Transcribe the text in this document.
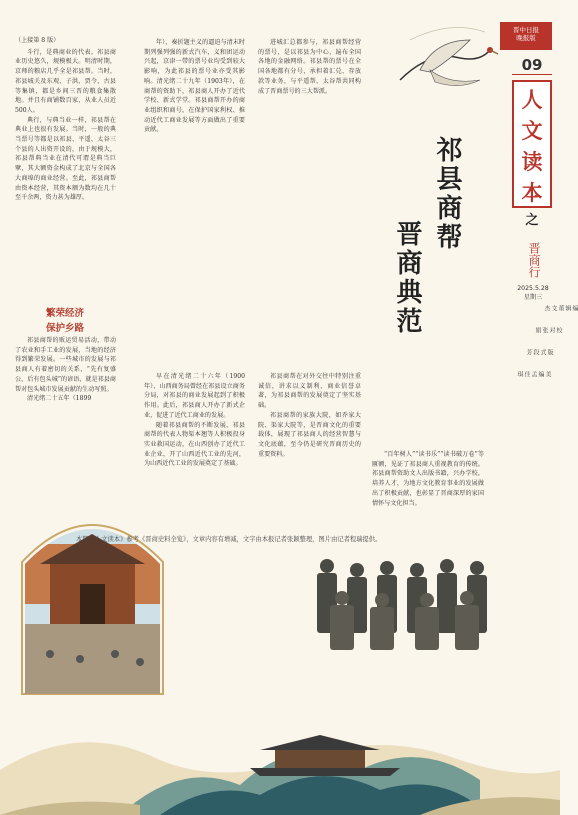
晋中日报
晚报版
09
人文读本
之
晋商行
2025.5.28
星期三
编辑 董文杰
校对 张娟
版式 段芳
美编 孟佳琪
祁县商帮
晋商典范
（上接第 8 版）

斗行，是典商业的代表。祁县商业历史悠久，规模极大。明清时期，京师的粮店几乎全是祁县帮。当时，祁县城关及东观、子洪、贾令、古县等集镇，都是乡间三晋的粮食集散地。并且有商铺数百家，从业人员近500人。

典行，与典当业一样，祁县帮在典业上也很有发展。当时，一般的典当票号等都是以祁县、平遥、太谷三个县的人出资开设的，由于规模大，祁县帮典当业在清代可谓是典当巨擘，其大额资金构成了北京与全国各大商埠的商业经营。至此，祁县商帮由资本经营，其资本额为数均在几十至千余两，资力甚为雄厚。

繁荣经济
保护乡路

祁县商帮的贩运贸易活动，带动了农业和手工业的发展，当地的经济得到繁荣发展。一些城市的发展与祁县商人有着密切的关系，“先有复盛公，后有包头城”的谚语，就是祁县商帮对包头城市发展贡献的生动写照。

清光绪二十五年（1899

年），奏折题主义的逼迫与清末时期列强列强的新式汽车，义和团运动兴起，京津一带的票号业均受到较大影响，为此祁县的票号业亦受其影响。清光绪二十九年（1903年），在商帮的资助下，祁县商人开办了近代学校、新式学堂。祁县商帮开办的商业组织和商号，在保护国家利权、推动近代工商业发展等方面做出了重要贡献。

早在清光绪二十六年（1900年），山西商务局曾经在祁县设立商务分局，对祁县的商业发展起到了积极作用。此后，祁县商人开办了新式企业，促进了近代工商业的发展。

随着祁县商帮的不断发展，祁县商帮的代表人物渠本翘等人积极投身实业救国运动，在山西创办了近代工业企业，开了山西近代工业的先河，为山西近代工业的发展奠定了基础。

进城汇总都参与，祁县商帮经营的票号，是以祁县为中心，遍布全国各地的金融网络。祁县帮的票号在全国各地都有分号，承担着汇兑、存放款等业务，与平遥帮、太谷帮共同构成了晋商票号的三大帮派。

祁县商帮在对外交往中特别注重诚信，讲求以义制利，商业信誉卓著，为祁县商帮的发展奠定了坚实基础。

祁县商帮的家族大院，如乔家大院、渠家大院等，是晋商文化的重要载体，展现了祁县商人的经营智慧与文化底蕴，至今仍是研究晋商历史的重要资料。	“百年树人”“读书乐”“读书破万卷”等匾额，见证了祁县商人重视教育的传统。祁县商帮资助文人出版书籍，兴办学校，培养人才，为地方文化教育事业的发展做出了积极贡献，也彰显了晋商深厚的家国情怀与文化担当。

本期《人文读本》参考《晋商史料全览》，文章内容有增减，文字由本报记者张颖整理，图片由记者程瑞提供。
